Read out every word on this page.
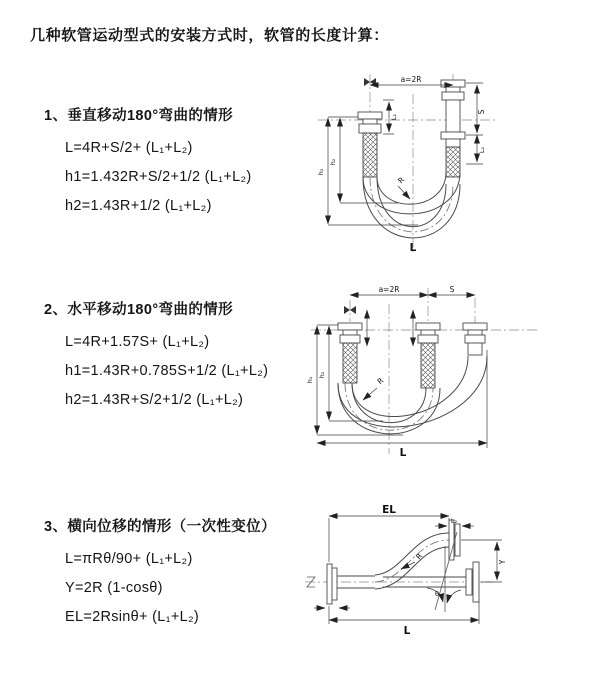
几种软管运动型式的安装方式时，软管的长度计算：
1、垂直移动180°弯曲的情形
L=4R+S/2+ (L₁+L₂)
h1=1.432R+S/2+1/2 (L₁+L₂)
h2=1.43R+1/2 (L₁+L₂)
a=2R
S
L₂
L₁
h₁
h₂
R
L
2、水平移动180°弯曲的情形
L=4R+1.57S+ (L₁+L₂)
h1=1.43R+0.785S+1/2 (L₁+L₂)
h2=1.43R+S/2+1/2 (L₁+L₂)
a=2R	S
h₁
h₂
R
L
3、横向位移的情形（一次性变位）
L=πRθ/90+ (L₁+L₂)
Y=2R (1-cosθ)
EL=2Rsinθ+ (L₁+L₂)
EL
L₂
Y
θ
R
L
